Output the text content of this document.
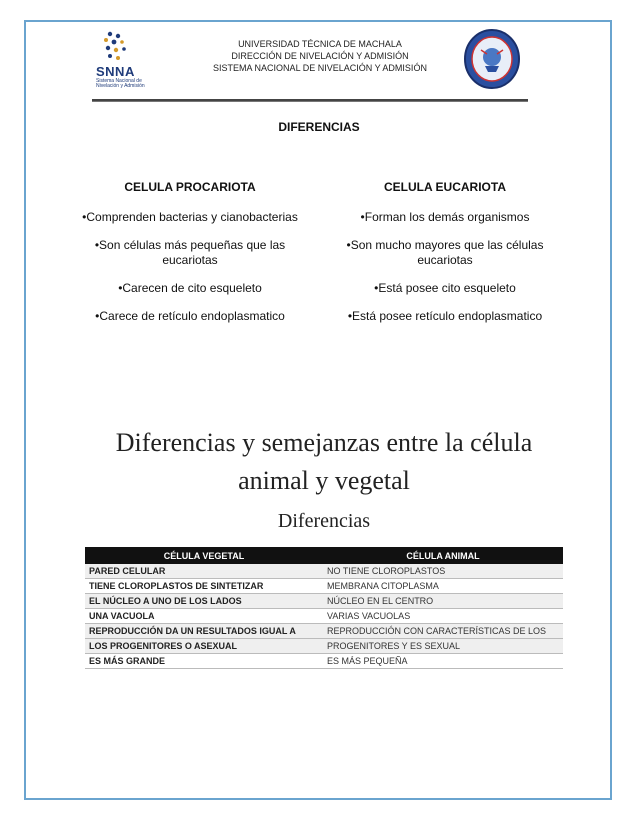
SNNA
Sistema Nacional de Nivelación y Admisión
UNIVERSIDAD TÉCNICA DE MACHALA
DIRECCIÓN DE NIVELACIÓN Y ADMISIÓN
SISTEMA NACIONAL DE NIVELACIÓN Y ADMISIÓN
DIFERENCIAS
CELULA PROCARIOTA
•Comprenden bacterias y cianobacterias
•Son células más pequeñas que las eucariotas
•Carecen de cito esqueleto
•Carece de retículo endoplasmatico
CELULA EUCARIOTA
•Forman los demás organismos
•Son mucho mayores que las células eucariotas
•Está posee cito esqueleto
•Está posee retículo endoplasmatico
Diferencias y semejanzas entre la célula
animal y vegetal
Diferencias
CÉLULA VEGETAL	CÉLULA ANIMAL
PARED CELULAR	NO TIENE CLOROPLASTOS
TIENE CLOROPLASTOS DE SINTETIZAR	MEMBRANA CITOPLASMA
EL NÚCLEO A UNO DE LOS LADOS	NÚCLEO EN EL CENTRO
UNA VACUOLA	VARIAS VACUOLAS
REPRODUCCIÓN DA UN RESULTADOS IGUAL A	REPRODUCCIÓN CON CARACTERÍSTICAS DE LOS
LOS PROGENITORES O ASEXUAL	PROGENITORES Y ES SEXUAL
ES MÁS GRANDE	ES MÁS PEQUEÑA
